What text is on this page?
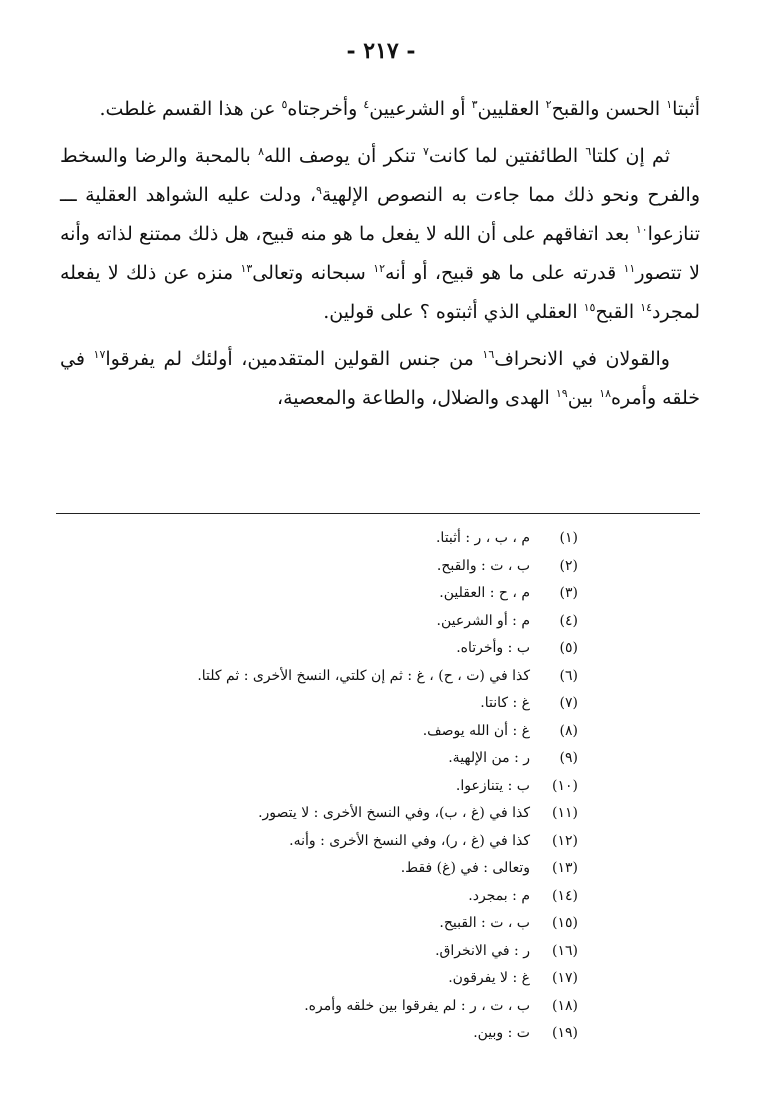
- ٢١٧ -

أثبتا$^١$ الحسن والقبح$^٢$ العقليين$^٣$ أو الشرعيين$^٤$ وأخرجتاه$^٥$ عن هذا القسم غلطت.

ثم إن كلتا$^٦$ الطائفتين لما كانت$^٧$ تنكر أن يوصف الله$^٨$ بالمحبة والرضا والسخط والفرح ونحو ذلك مما جاءت به النصوص الإلهية$^٩$، ودلت عليه الشواهد العقلية ـــ تنازعوا$^{١٠}$ بعد اتفاقهم على أن الله لا يفعل ما هو منه قبيح، هل ذلك ممتنع لذاته وأنه لا تتصور$^{١١}$ قدرته على ما هو قبيح، أو أنه$^{١٢}$ سبحانه وتعالى$^{١٣}$ منزه عن ذلك لا يفعله لمجرد$^{١٤}$ القبح$^{١٥}$ العقلي الذي أثبتوه ؟ على قولين.

والقولان في الانحراف$^{١٦}$ من جنس القولين المتقدمين، أولئك لم يفرقوا$^{١٧}$ في خلقه وأمره$^{١٨}$ بين$^{١٩}$ الهدى والضلال، والطاعة والمعصية،

(١)
م ، ب ، ر : أثبتا.
(٢)
ب ، ت : والقبح.
(٣)
م ، ح : العقلين.
(٤)
م : أو الشرعين.
(٥)
ب : وأخرتاه.
(٦)
كذا في (ت ، ح) ، غ : ثم إن كلتي، النسخ الأخرى : ثم كلتا.
(٧)
غ : كانتا.
(٨)
غ : أن الله يوصف.
(٩)
ر : من الإلهية.
(١٠)
ب : يتنازعوا.
(١١)
كذا في (غ ، ب)، وفي النسخ الأخرى : لا يتصور.
(١٢)
كذا في (غ ، ر)، وفي النسخ الأخرى : وأنه.
(١٣)
وتعالى : في (غ) فقط.
(١٤)
م : بمجرد.
(١٥)
ب ، ت : القبيح.
(١٦)
ر : في الانخراق.
(١٧)
غ : لا يفرقون.
(١٨)
ب ، ت ، ر : لم يفرقوا بين خلقه وأمره.
(١٩)
ت : وبين.
